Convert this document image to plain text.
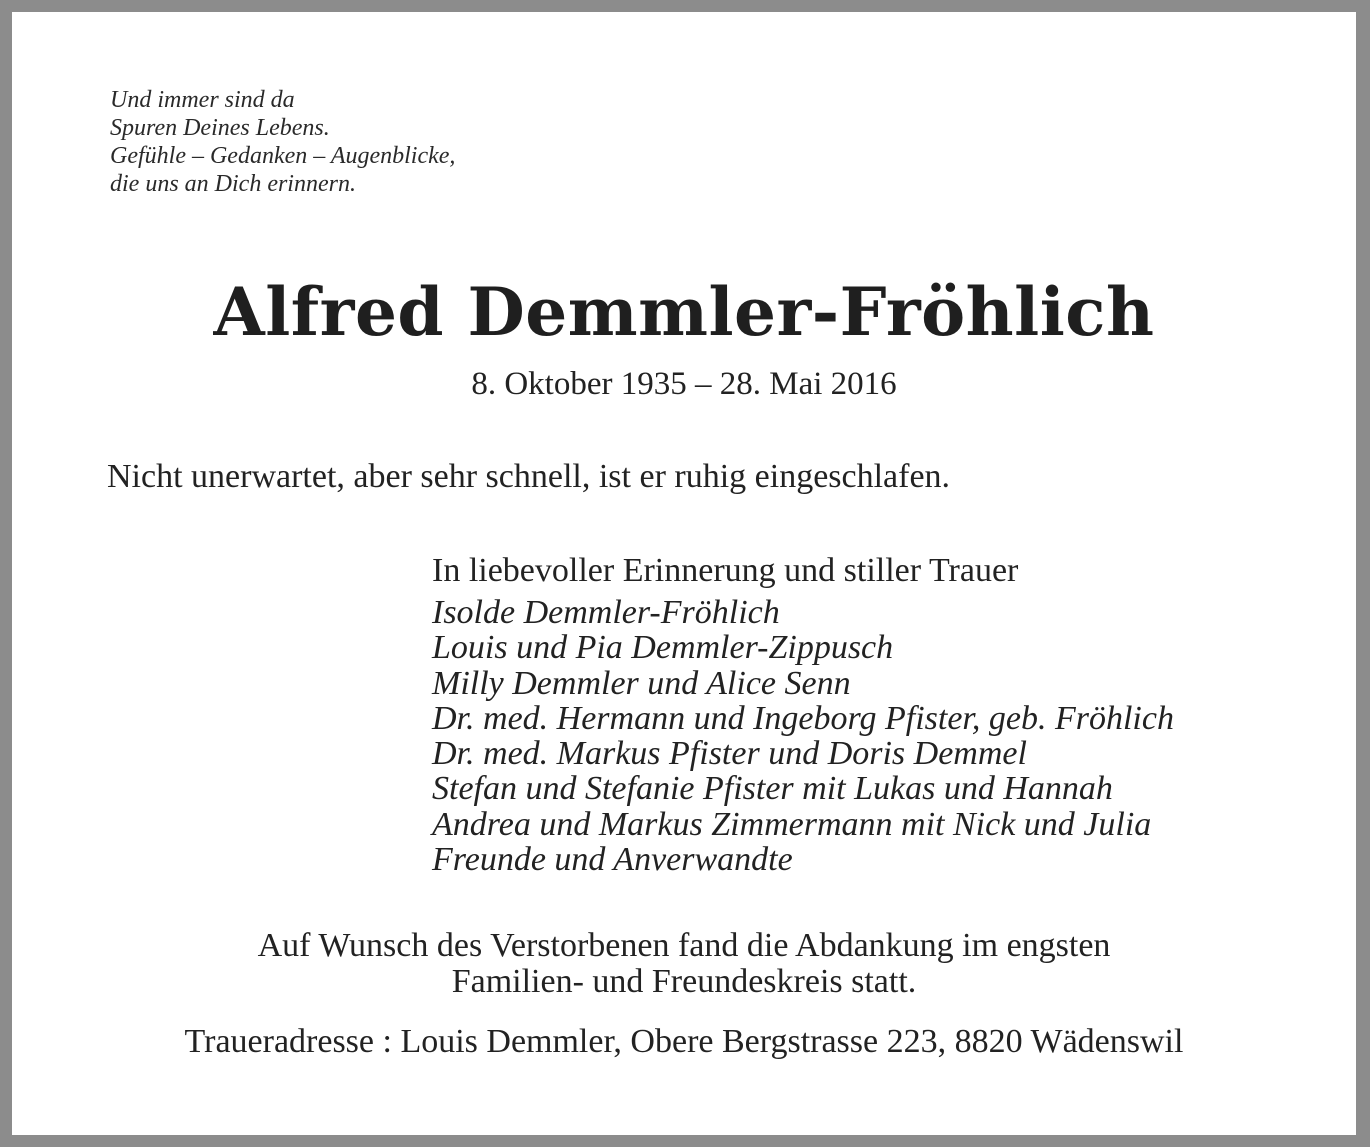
Und immer sind da
Spuren Deines Lebens.
Gefühle – Gedanken – Augenblicke,
die uns an Dich erinnern.
Alfred Demmler-Fröhlich
8. Oktober 1935 – 28. Mai 2016
Nicht unerwartet, aber sehr schnell, ist er ruhig eingeschlafen.
In liebevoller Erinnerung und stiller Trauer
Isolde Demmler-Fröhlich
Louis und Pia Demmler-Zippusch
Milly Demmler und Alice Senn
Dr. med. Hermann und Ingeborg Pfister, geb. Fröhlich
Dr. med. Markus Pfister und Doris Demmel
Stefan und Stefanie Pfister mit Lukas und Hannah
Andrea und Markus Zimmermann mit Nick und Julia
Freunde und Anverwandte
Auf Wunsch des Verstorbenen fand die Abdankung im engsten
Familien- und Freundeskreis statt.
Traueradresse : Louis Demmler, Obere Bergstrasse 223, 8820 Wädenswil
